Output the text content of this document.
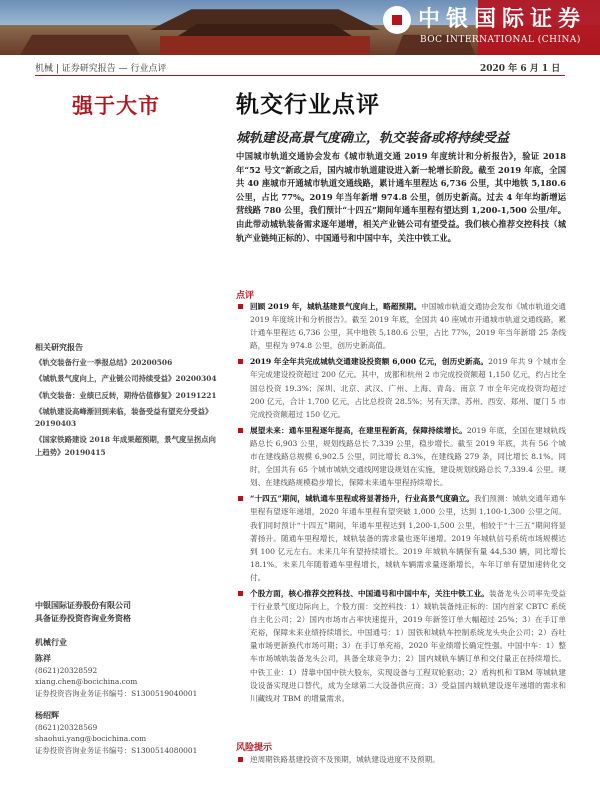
中银国际证券
BOC INTERNATIONAL (CHINA)
机械 | 证券研究报告 — 行业点评	2020 年 6 月 1 日
强于大市	轨交行业点评
城轨建设高景气度确立，轨交装备或将持续受益
中国城市轨道交通协会发布《城市轨道交通 2019 年度统计和分析报告》，验证 2018 年“52 号文”新政之后，国内城市轨道建设进入新一轮增长阶段。截至 2019 年底，全国共 40 座城市开通城市轨道交通线路，累计通车里程达 6,736 公里，其中地铁 5,180.6 公里，占比 77%。2019 年当年新增 974.8 公里，创历史新高。过去 4 年年均新增运营线路 780 公里，我们预计“十四五”期间年通车里程有望达到 1,200-1,500 公里/年。由此带动城轨装备需求逐年递增，相关产业链公司有望受益。我们核心推荐交控科技（城轨产业链纯正标的）、中国通号和中国中车，关注中铁工业。
点评
回顾 2019 年，城轨基建景气度向上，略超预期。中国城市轨道交通协会发布《城市轨道交通 2019 年度统计和分析报告》。截至 2019 年底，全国共 40 座城市开通城市轨道交通线路，累计通车里程达 6,736 公里，其中地铁 5,180.6 公里，占比 77%，2019 年当年新增 25 条线路，里程为 974.8 公里，创历史新高值。
2019 年全年共完成城轨交通建设投资额 6,000 亿元，创历史新高。2019 年共 9 个城市全年完成建设投资超过 200 亿元。其中，成都和杭州 2 市完成投资额超 1,150 亿元，约占比全国总投资 19.3%；深圳、北京、武汉、广州、上海、青岛、南京 7 市全年完成投资均超过 200 亿元，合计 1,700 亿元，占比总投资 28.5%；另有天津、苏州、西安、郑州、厦门 5 市完成投资额超过 150 亿元。
展望未来：通车里程逐年提高，在建里程新高，保障持续增长。2019 年底，全国在建城轨线路总长 6,903 公里，规划线路总长 7,339 公里，稳步增长。截至 2019 年底，共有 56 个城市在建线路总规模 6,902.5 公里，同比增长 8.3%，在建线路 279 条，同比增长 8.1%。同时，全国共有 65 个城市城轨交通线网建设规划在实施，建设规划线路总长 7,339.4 公里。规划、在建线路规模稳步增长，保障未来通车里程持续增长。
“十四五”期间，城轨通车里程或将显著扬升，行业高景气度确立。我们预测：城轨交通年通车里程有望逐年递增，2020 年通车里程有望突破 1,000 公里，达到 1,100-1,300 公里之间。我们同时预计“十四五”期间，年通车里程达到 1,200-1,500 公里，相较于“十三五”期间将显著扬升。随通车里程增长，城轨装备的需求量也逐年递增。2019 年城轨信号系统市场规模达到 100 亿元左右。未来几年有望持续增长。2019 年城轨车辆保有量 44,530 辆，同比增长 18.1%。未来几年随着通车里程增长，城轨车辆需求量逐渐增长，车年订单有望加速转化交付。
个股方面，核心推荐交控科技、中国通号和中国中车，关注中铁工业。装备龙头公司率先受益于行业景气度边际向上，个股方面：交控科技：1）城轨装备纯正标的：国内首家 CBTC 系统自主化公司；2）国内市场市占率快速提升，2019 年新签订单大幅超过 25%；3）在手订单充裕，保障未来业绩持续增长。中国通号：1）国铁和城轨车控制系统龙头央企公司；2）吞吐量市场更新换代市场可期；3）在手订单充裕，2020 年业绩增长确定性强。中国中车：1）整车市场城轨装备龙头公司，具备全球竞争力；2）国内城轨车辆订单和交付量正在持续增长。中铁工业：1）背靠中国中铁大股东，实现设备与工程双轮驱动；2）盾构机和 TBM 等城轨建设设备实现进口替代，成为全球第二大设备供应商；3）受益国内城轨建设逐年递增的需求和川藏线对 TBM 的增量需求。
风险提示
逆周期铁路基建投资不及预期，城轨建设进度不及预期。
相关研究报告
《轨交装备行业一季报总结》20200506
《城轨景气度向上，产业链公司持续受益》20200304
《轨交装备：业绩已反转，期待估值修复》20191221
《城轨建设高峰渐回到来临，装备受益有望充分受益》20190403
《国家铁路建设 2018 年成果超预期，景气度呈拐点向上趋势》20190415
中银国际证券股份有限公司
具备证券投资咨询业务资格
机械行业
陈祥
(8621)20328592
xiang.chen@bocichina.com
证券投资咨询业务证书编号：S1300519040001
杨绍辉
(8621)20328569
shaohui.yang@bocichina.com
证券投资咨询业务证书编号：S1300514080001
